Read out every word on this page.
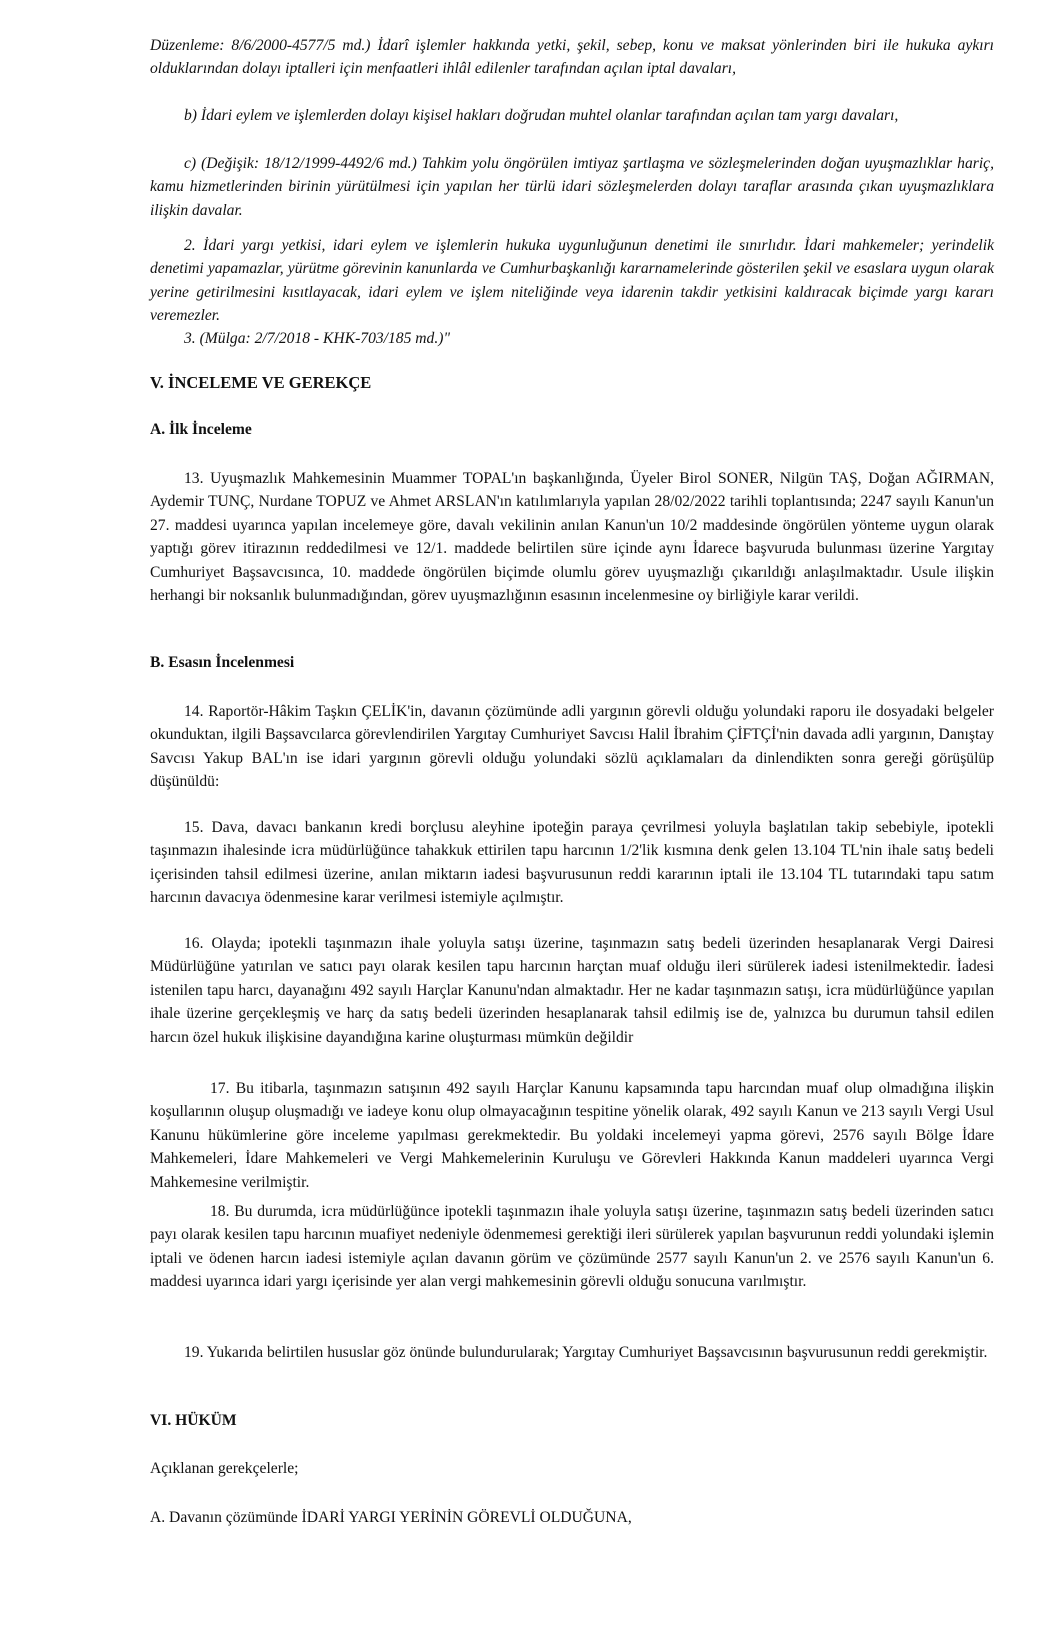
Düzenleme: 8/6/2000-4577/5 md.) İdarî işlemler hakkında yetki, şekil, sebep, konu ve maksat yönlerinden biri ile hukuka aykırı olduklarından dolayı iptalleri için menfaatleri ihlâl edilenler tarafından açılan iptal davaları,

b) İdari eylem ve işlemlerden dolayı kişisel hakları doğrudan muhtel olanlar tarafından açılan tam yargı davaları,

c) (Değişik: 18/12/1999-4492/6 md.) Tahkim yolu öngörülen imtiyaz şartlaşma ve sözleşmelerinden doğan uyuşmazlıklar hariç, kamu hizmetlerinden birinin yürütülmesi için yapılan her türlü idari sözleşmelerden dolayı taraflar arasında çıkan uyuşmazlıklara ilişkin davalar.

2. İdari yargı yetkisi, idari eylem ve işlemlerin hukuka uygunluğunun denetimi ile sınırlıdır. İdari mahkemeler; yerindelik denetimi yapamazlar, yürütme görevinin kanunlarda ve Cumhurbaşkanlığı kararnamelerinde gösterilen şekil ve esaslara uygun olarak yerine getirilmesini kısıtlayacak, idari eylem ve işlem niteliğinde veya idarenin takdir yetkisini kaldıracak biçimde yargı kararı veremezler.

3. (Mülga: 2/7/2018 - KHK-703/185 md.)"

V. İNCELEME VE GEREKÇE
A. İlk İnceleme

13. Uyuşmazlık Mahkemesinin Muammer TOPAL'ın başkanlığında, Üyeler Birol SONER, Nilgün TAŞ, Doğan AĞIRMAN, Aydemir TUNÇ, Nurdane TOPUZ ve Ahmet ARSLAN'ın katılımlarıyla yapılan 28/02/2022 tarihli toplantısında; 2247 sayılı Kanun'un 27. maddesi uyarınca yapılan incelemeye göre, davalı vekilinin anılan Kanun'un 10/2 maddesinde öngörülen yönteme uygun olarak yaptığı görev itirazının reddedilmesi ve 12/1. maddede belirtilen süre içinde aynı İdarece başvuruda bulunması üzerine Yargıtay Cumhuriyet Başsavcısınca, 10. maddede öngörülen biçimde olumlu görev uyuşmazlığı çıkarıldığı anlaşılmaktadır. Usule ilişkin herhangi bir noksanlık bulunmadığından, görev uyuşmazlığının esasının incelenmesine oy birliğiyle karar verildi.

B. Esasın İncelenmesi

14. Raportör-Hâkim Taşkın ÇELİK'in, davanın çözümünde adli yargının görevli olduğu yolundaki raporu ile dosyadaki belgeler okunduktan, ilgili Başsavcılarca görevlendirilen Yargıtay Cumhuriyet Savcısı Halil İbrahim ÇİFTÇİ'nin davada adli yargının, Danıştay Savcısı Yakup BAL'ın ise idari yargının görevli olduğu yolundaki sözlü açıklamaları da dinlendikten sonra gereği görüşülüp düşünüldü:

15. Dava, davacı bankanın kredi borçlusu aleyhine ipoteğin paraya çevrilmesi yoluyla başlatılan takip sebebiyle, ipotekli taşınmazın ihalesinde icra müdürlüğünce tahakkuk ettirilen tapu harcının 1/2'lik kısmına denk gelen 13.104 TL'nin ihale satış bedeli içerisinden tahsil edilmesi üzerine, anılan miktarın iadesi başvurusunun reddi kararının iptali ile 13.104 TL tutarındaki tapu satım harcının davacıya ödenmesine karar verilmesi istemiyle açılmıştır.

16. Olayda; ipotekli taşınmazın ihale yoluyla satışı üzerine, taşınmazın satış bedeli üzerinden hesaplanarak Vergi Dairesi Müdürlüğüne yatırılan ve satıcı payı olarak kesilen tapu harcının harçtan muaf olduğu ileri sürülerek iadesi istenilmektedir. İadesi istenilen tapu harcı, dayanağını 492 sayılı Harçlar Kanunu'ndan almaktadır. Her ne kadar taşınmazın satışı, icra müdürlüğünce yapılan ihale üzerine gerçekleşmiş ve harç da satış bedeli üzerinden hesaplanarak tahsil edilmiş ise de, yalnızca bu durumun tahsil edilen harcın özel hukuk ilişkisine dayandığına karine oluşturması mümkün değildir

17. Bu itibarla, taşınmazın satışının 492 sayılı Harçlar Kanunu kapsamında tapu harcından muaf olup olmadığına ilişkin koşullarının oluşup oluşmadığı ve iadeye konu olup olmayacağının tespitine yönelik olarak, 492 sayılı Kanun ve 213 sayılı Vergi Usul Kanunu hükümlerine göre inceleme yapılması gerekmektedir. Bu yoldaki incelemeyi yapma görevi, 2576 sayılı Bölge İdare Mahkemeleri, İdare Mahkemeleri ve Vergi Mahkemelerinin Kuruluşu ve Görevleri Hakkında Kanun maddeleri uyarınca Vergi Mahkemesine verilmiştir.

18. Bu durumda, icra müdürlüğünce ipotekli taşınmazın ihale yoluyla satışı üzerine, taşınmazın satış bedeli üzerinden satıcı payı olarak kesilen tapu harcının muafiyet nedeniyle ödenmemesi gerektiği ileri sürülerek yapılan başvurunun reddi yolundaki işlemin iptali ve ödenen harcın iadesi istemiyle açılan davanın görüm ve çözümünde 2577 sayılı Kanun'un 2. ve 2576 sayılı Kanun'un 6. maddesi uyarınca idari yargı içerisinde yer alan vergi mahkemesinin görevli olduğu sonucuna varılmıştır.

19. Yukarıda belirtilen hususlar göz önünde bulundurularak; Yargıtay Cumhuriyet Başsavcısının başvurusunun reddi gerekmiştir.

VI. HÜKÜM

Açıklanan gerekçelerle;

A. Davanın çözümünde İDARİ YARGI YERİNİN GÖREVLİ OLDUĞUNA,
